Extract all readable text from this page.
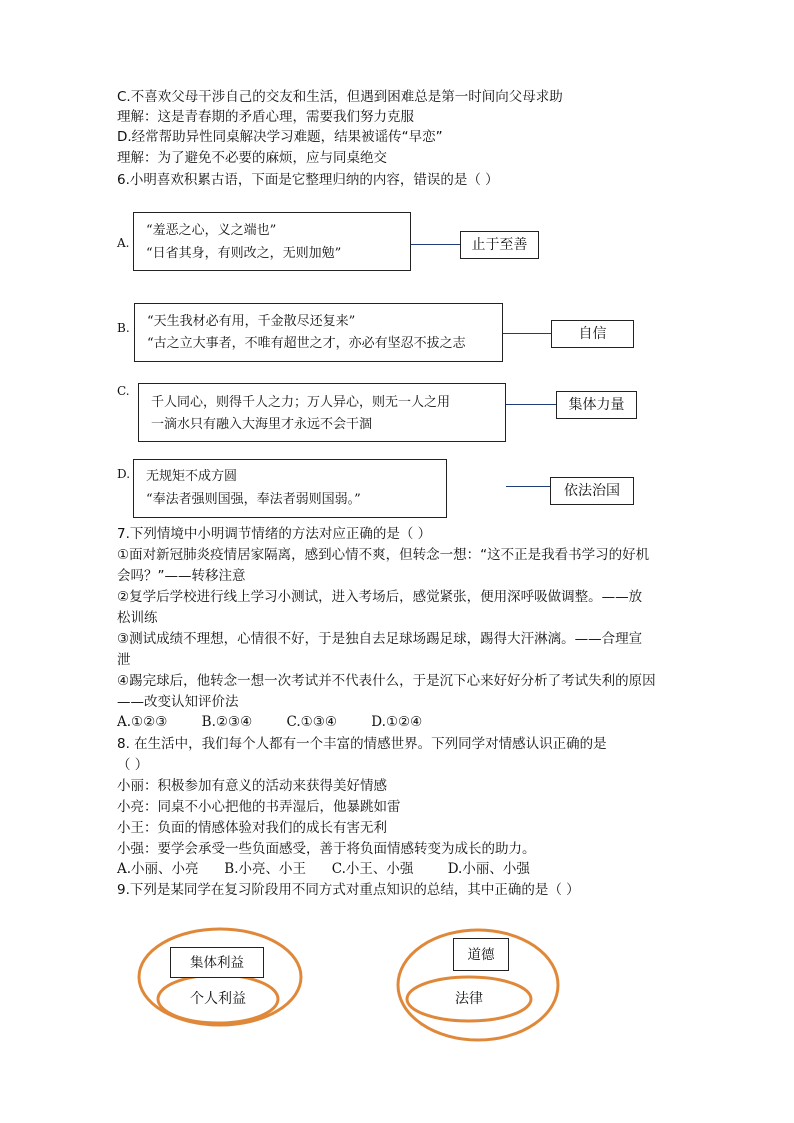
C.不喜欢父母干涉自己的交友和生活，但遇到困难总是第一时间向父母求助
理解：这是青春期的矛盾心理，需要我们努力克服
D.经常帮助异性同桌解决学习难题，结果被谣传“早恋”
理解：为了避免不必要的麻烦，应与同桌绝交
6.小明喜欢积累古语，下面是它整理归纳的内容，错误的是（ ）
A.
“羞恶之心，义之端也”
“日省其身，有则改之，无则加勉”
止于至善
B. “天生我材必有用，千金散尽还复来”
“古之立大事者，不唯有超世之才，亦必有坚忍不拔之志
自信
C.
千人同心，则得千人之力；万人异心，则无一人之用
一滴水只有融入大海里才永远不会干涸
集体力量
D. 无规矩不成方圆
“奉法者强则国强，奉法者弱则国弱。”
依法治国
7.下列情境中小明调节情绪的方法对应正确的是（ ）
①面对新冠肺炎疫情居家隔离，感到心情不爽，但转念一想：“这不正是我看书学习的好机
会吗？”——转移注意
②复学后学校进行线上学习小测试，进入考场后，感觉紧张，便用深呼吸做调整。——放
松训练
③测试成绩不理想，心情很不好，于是独自去足球场踢足球，踢得大汗淋漓。——合理宣
泄
④踢完球后，他转念一想一次考试并不代表什么，于是沉下心来好好分析了考试失利的原因
——改变认知评价法
A.①②③        B.②③④        C.①③④        D.①②④
8. 在生活中，我们每个人都有一个丰富的情感世界。下列同学对情感认识正确的是
（ ）
小丽：积极参加有意义的活动来获得美好情感
小亮：同桌不小心把他的书弄湿后，他暴跳如雷
小王：负面的情感体验对我们的成长有害无利
小强：要学会承受一些负面感受，善于将负面情感转变为成长的助力。
A.小丽、小亮      B.小亮、小王      C.小王、小强        D.小丽、小强
9.下列是某同学在复习阶段用不同方式对重点知识的总结，其中正确的是（ ）
集体利益
个人利益
道德
法律
